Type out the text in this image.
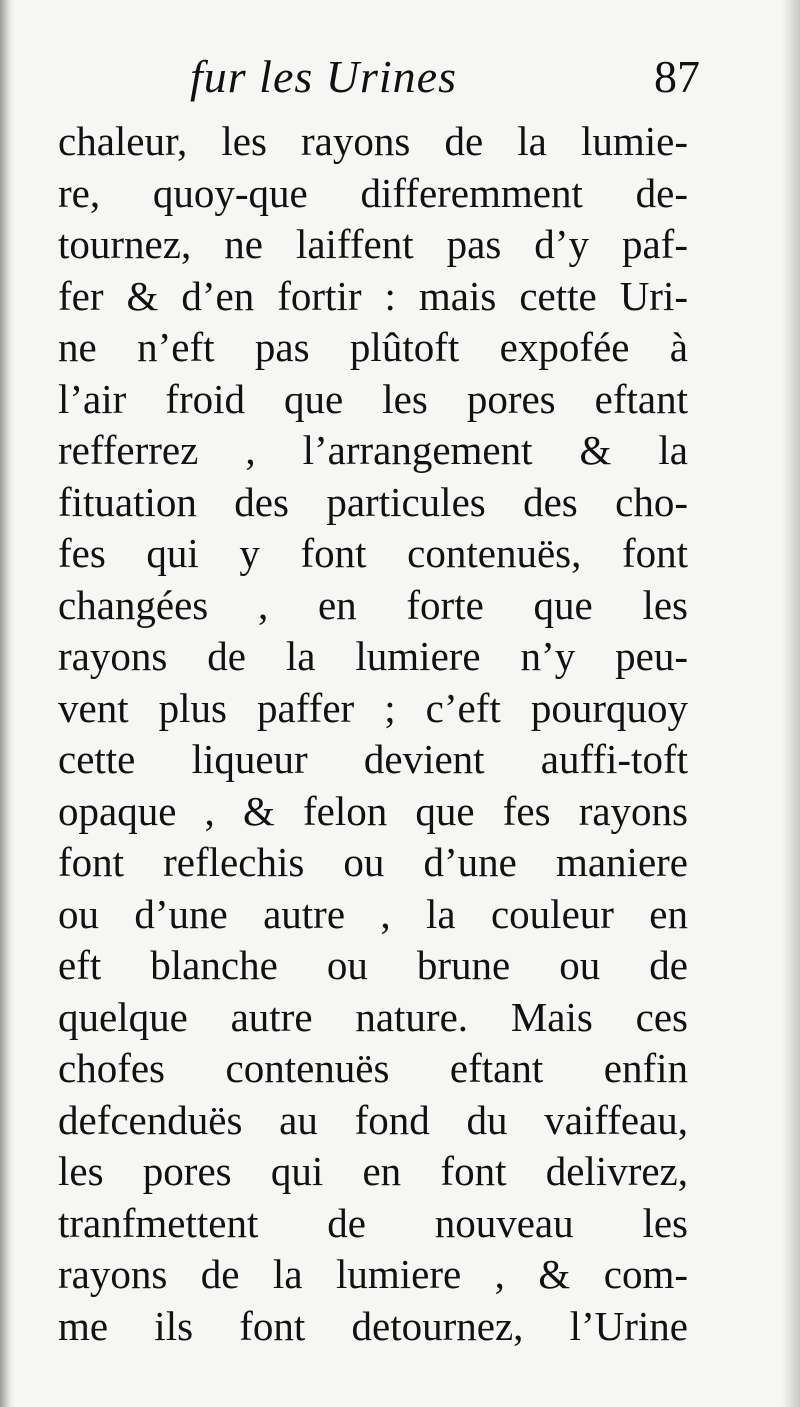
fur les Urines	87
chaleur, les rayons de la lumie-
re, quoy-que differemment de-
tournez, ne laiffent pas d’y paf-
fer & d’en fortir : mais cette Uri-
ne n’eft pas plûtoft expofée à
l’air froid que les pores eftant
refferrez , l’arrangement & la
fituation des particules des cho-
fes qui y font contenuës, font
changées , en forte que les
rayons de la lumiere n’y peu-
vent plus paffer ; c’eft pourquoy
cette liqueur devient auffi-toft
opaque , & felon que fes rayons
font reflechis ou d’une maniere
ou d’une autre , la couleur en
eft blanche ou brune ou de
quelque autre nature. Mais ces
chofes contenuës eftant enfin
defcenduës au fond du vaiffeau,
les pores qui en font delivrez,
tranfmettent de nouveau les
rayons de la lumiere , & com-
me ils font detournez, l’Urine
